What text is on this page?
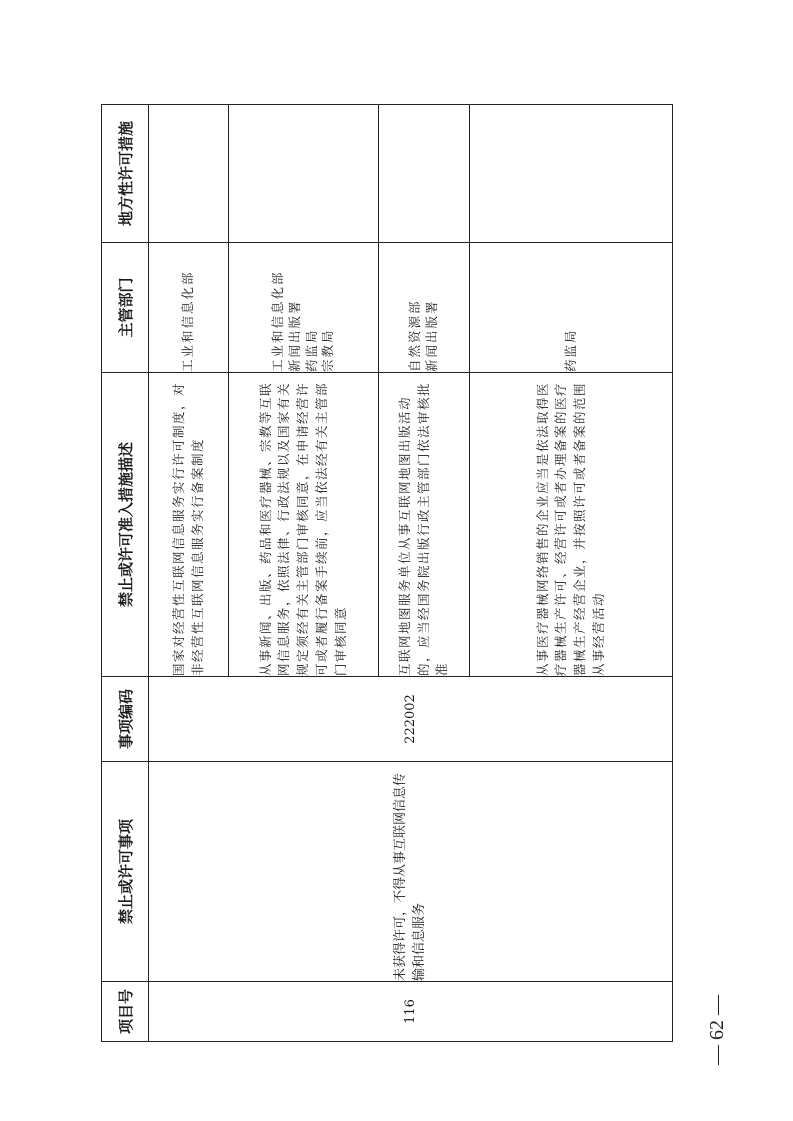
项目号	禁止或许可事项	事项编码	禁止或许可准入措施描述	主管部门	地方性许可措施
116	未获得许可，不得从事互联网信息传输和信息服务	222002	国家对经营性互联网信息服务实行许可制度，对非经营性互联网信息服务实行备案制度	工业和信息化部	

			从事新闻、出版、药品和医疗器械、宗教等互联网信息服务，依照法律、行政法规以及国家有关规定须经有关主管部门审核同意，在申请经营许可或者履行备案手续前，应当依法经有关主管部门审核同意	工业和信息化部 新闻出版署 药监局 宗教局	

			互联网地图服务单位从事互联网地图出版活动的，应当经国务院出版行政主管部门依法审核批准	自然资源部 新闻出版署	

			从事医疗器械网络销售的企业应当是依法取得医疗器械生产许可、经营许可或者办理备案的医疗器械生产经营企业，并按照许可或者备案的范围从事经营活动	药监局	

— 62 —
